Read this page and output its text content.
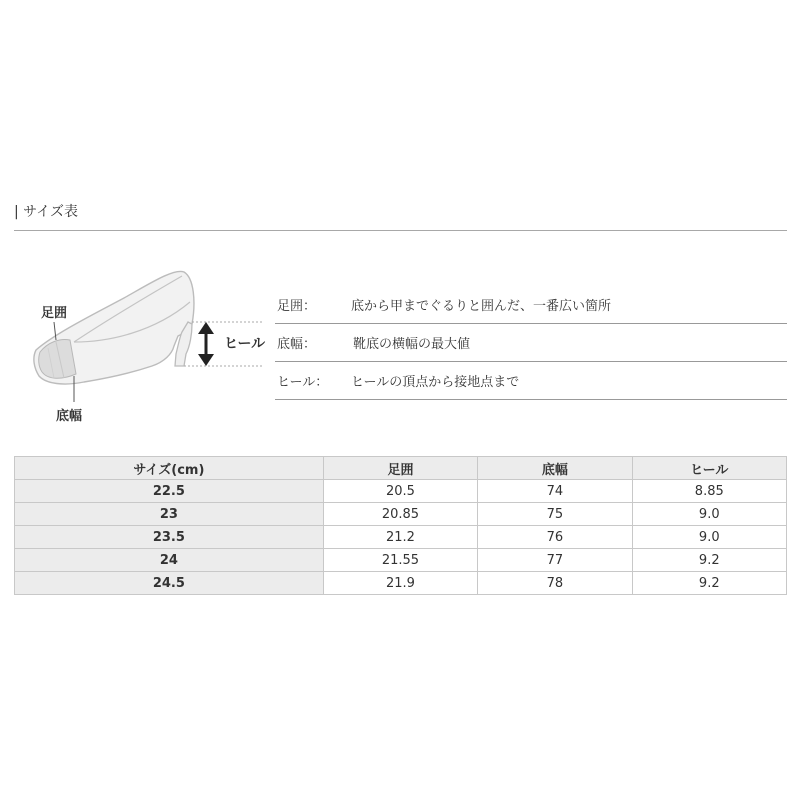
| サイズ表
足囲
ヒール
底幅
足囲：	底から甲までぐるりと囲んだ、一番広い箇所
底幅：	靴底の横幅の最大値
ヒール：	ヒールの頂点から接地点まで
サイズ(cm)	足囲	底幅	ヒール
22.5	20.5	74	8.85
23	20.85	75	9.0
23.5	21.2	76	9.0
24	21.55	77	9.2
24.5	21.9	78	9.2
